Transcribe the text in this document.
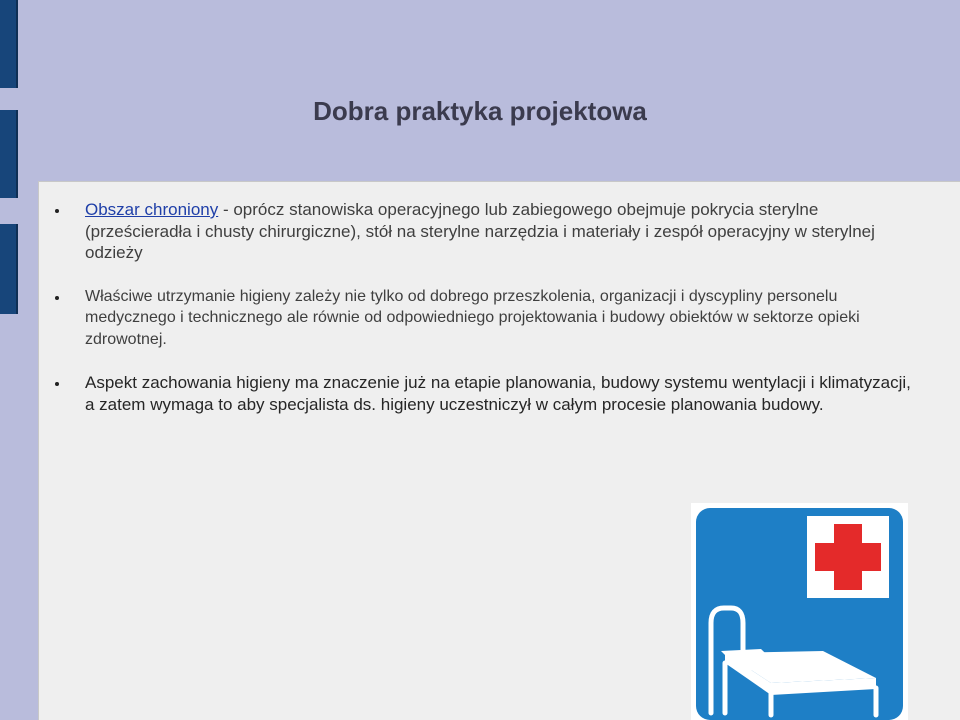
Dobra praktyka projektowa
Obszar chroniony - oprócz stanowiska operacyjnego lub zabiegowego obejmuje pokrycia sterylne (prześcieradła i chusty chirurgiczne), stół na sterylne narzędzia i materiały i zespół operacyjny w sterylnej odzieży
Właściwe utrzymanie higieny zależy nie tylko od dobrego przeszkolenia, organizacji i dyscypliny personelu medycznego i technicznego ale równie od odpowiedniego projektowania i budowy obiektów w sektorze opieki zdrowotnej.
Aspekt zachowania higieny ma znaczenie już na etapie planowania, budowy systemu wentylacji i klimatyzacji, a zatem wymaga to aby specjalista ds. higieny uczestniczył w całym procesie planowania budowy.
